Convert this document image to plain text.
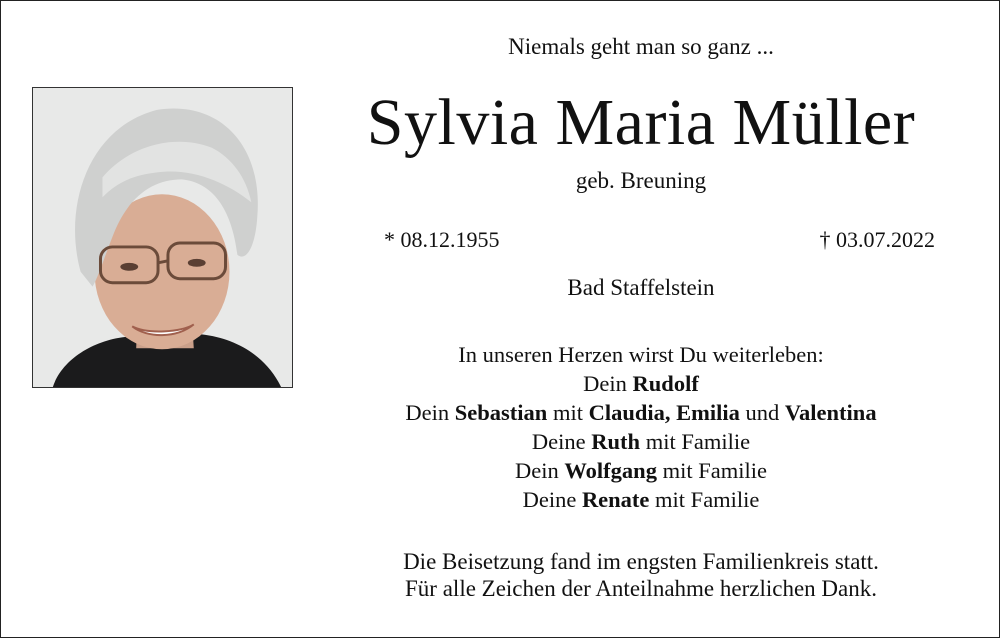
Niemals geht man so ganz ...
Sylvia Maria Müller
geb. Breuning
* 08.12.1955	† 03.07.2022
Bad Staffelstein
In unseren Herzen wirst Du weiterleben:
Dein Rudolf
Dein Sebastian mit Claudia, Emilia und Valentina
Deine Ruth mit Familie
Dein Wolfgang mit Familie
Deine Renate mit Familie
Die Beisetzung fand im engsten Familienkreis statt.
Für alle Zeichen der Anteilnahme herzlichen Dank.
